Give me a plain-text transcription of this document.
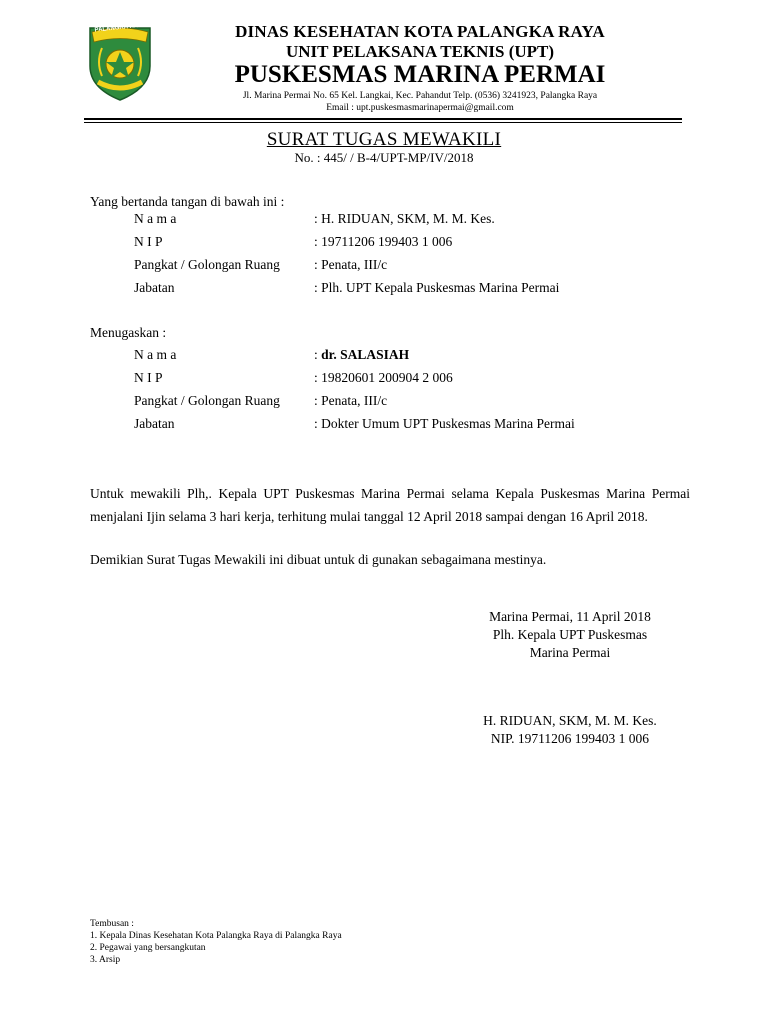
PALANGKA RAYA	DINAS KESEHATAN KOTA PALANGKA RAYA
UNIT PELAKSANA TEKNIS (UPT)
PUSKESMAS MARINA PERMAI
Jl. Marina Permai No. 65 Kel. Langkai, Kec. Pahandut Telp. (0536) 3241923, Palangka Raya
Email : upt.puskesmasmarinapermai@gmail.com
SURAT TUGAS MEWAKILI
No. : 445/ / B-4/UPT-MP/IV/2018
Yang bertanda tangan di bawah ini :
N a m a	: H. RIDUAN, SKM, M. M. Kes.
N I P	: 19711206 199403 1 006
Pangkat / Golongan Ruang	: Penata, III/c
Jabatan	: Plh. UPT Kepala Puskesmas Marina Permai
Menugaskan :
N a m a	: dr. SALASIAH
N I P	: 19820601 200904 2 006
Pangkat / Golongan Ruang	: Penata, III/c
Jabatan	: Dokter Umum UPT Puskesmas Marina Permai
Untuk mewakili Plh,. Kepala UPT Puskesmas Marina Permai selama Kepala Puskesmas Marina Permai menjalani Ijin selama 3 hari kerja, terhitung mulai tanggal 12 April 2018 sampai dengan 16 April 2018.
Demikian Surat Tugas Mewakili ini dibuat untuk di gunakan sebagaimana mestinya.
Marina Permai, 11 April 2018
Plh. Kepala UPT Puskesmas
Marina Permai
H. RIDUAN, SKM, M. M. Kes.
NIP. 19711206 199403 1 006
Tembusan :
1. Kepala Dinas Kesehatan Kota Palangka Raya di Palangka Raya
2. Pegawai yang bersangkutan
3. Arsip
